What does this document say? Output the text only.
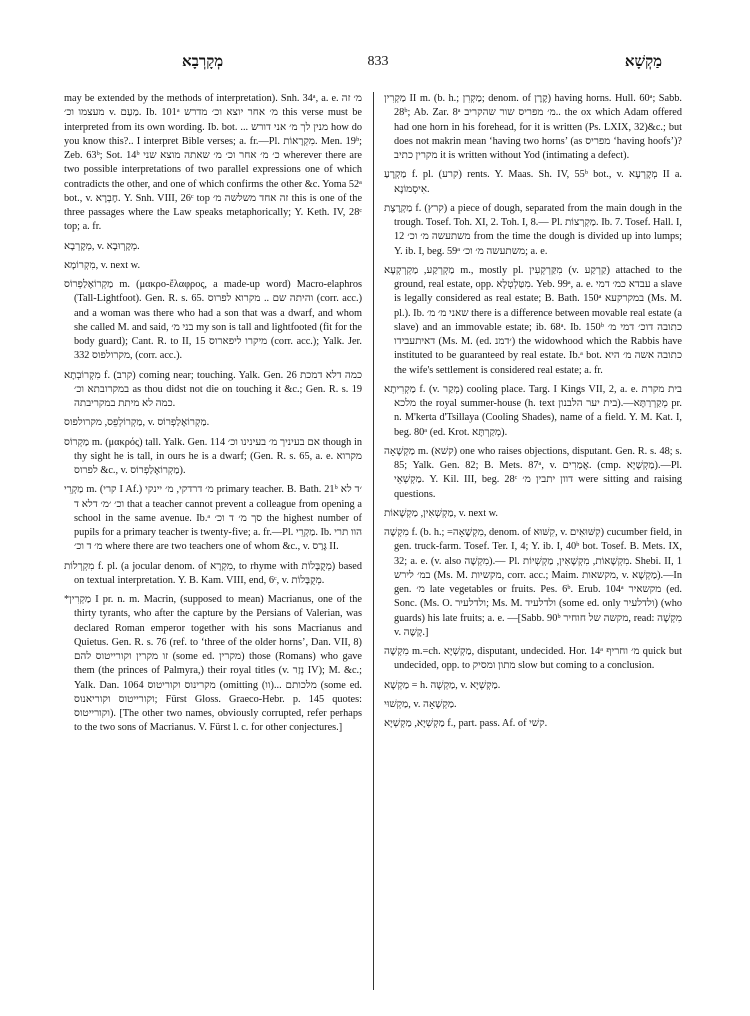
מְקָרְבָא	833	מַקְשָׁא

may be extended by the methods of interpretation). Snh. 34ᵃ, a. e. מ׳ זה מעצמו וכ׳ v. מַעַם. Ib. 101ᵃ מ׳ אחר יוצא וכ׳ מדרש this verse must be interpreted from its own wording. Ib. bot. ... מנין לך מ׳ אני דורש how do you know this?.. I interpret Bible verses; a. fr.—Pl. מִקְרָאוֹת. Men. 19ᵇ; Zeb. 63ᵇ; Sot. 14ᵇ כ׳ מ׳ אחר וכ׳ מ׳ שאתה מוצא שני wherever there are two possible interpretations of two parallel expressions one of which contradicts the other, and one of which confirms the other &c. Yoma 52ᵃ bot., v. חֶבְרָא. Y. Snh. VIII, 26ᶜ top זה אחד משלשה מ׳ this is one of the three passages where the Law speaks metaphorically; Y. Keth. IV, 28ᶜ top; a. fr.

מְקָרְבָא, v. מְקָרְוּבָא.

מִקְרוֹמָא, v. next w.

מַקְרוֹאֶלַפְרוֹס m. (μακρο-ἔλαφρος, a made-up word) Macro-elaphros (Tall-Lightfoot). Gen. R. s. 65. והיתה שם .. מקרוא לפרוס (corr. acc.) and a woman was there who had a son that was a dwarf, and whom she called M. and said, בני מ׳ my son is tall and lightfooted (fit for the body guard); Cant. R. to II, 15 מיקרו ליפארוס (corr. acc.); Yalk. Jer. 332 מקרולפוס, (corr. acc.).

מִקְרוֹבְתָא f. (קרב) coming near; touching. Yalk. Gen. 26 כמה דלא דמכת במקרובתא וכ׳ as thou didst not die on touching it &c.; Gen. R. s. 19 כמה לא מיתת במקריבתה.

מַקְרוֹלְפֵס, מקרולפוס, v. מַקְרוֹאֶלַפְרוֹס.

מַקְרוֹס m. (μακρός) tall. Yalk. Gen. 114 אם בעיניך מ׳ בעינינו וכ׳ though in thy sight he is tall, in ours he is a dwarf; (Gen. R. s. 65, a. e. מקרוא לפרוס &c., v. מַקְרוֹאֶלַפְרוֹס).

מַקְרֵי m. (קרי I Af.) מ׳ דרדקי, מ׳ יינקי primary teacher. B. Bath. 21ᵇ ׳ד לא וכ׳ ׳מ׳ דלא ד that a teacher cannot prevent a colleague from opening a school in the same avenue. Ib.ᵃ סך מ׳ ד וכ׳ the highest number of pupils for a primary teacher is twenty-five; a. fr.—Pl. מַקְרֵי. Ib. הוו תרי מ׳ ד וכ׳ where there are two teachers one of whom &c., v. גָּרַס II.

מִקְרְלוֹת f. pl. (a jocular denom. of מִקְרָא, to rhyme with מְקֻבָּלוֹת) based on textual interpretation. Y. B. Kam. VIII, end, 6ᶜ, v. מְקֻבָּלוֹת.

*מַקְרִין I pr. n. m. Macrin, (supposed to mean) Macrianus, one of the thirty tyrants, who after the capture by the Persians of Valerian, was declared Roman emperor together with his sons Macrianus and Quietus. Gen. R. s. 76 (ref. to ‘three of the older horns’, Dan. VII, 8) זו מקרין וקורייטוס להם (some ed. מקרין) those (Romans) who gave them (the princes of Palmyra,) their royal titles (v. נְזַר IV); M. &c.; Yalk. Dan. 1064 מקרינוס וקוריטוס (omitting מלכותם ...(וו) (some ed. וקורייטוס וקוריאנוס; Fürst Gloss. Graeco-Hebr. p. 145 quotes: וקורייטוס). [The other two names, obviously corrupted, refer perhaps to the two sons of Macrianus. V. Fürst l. c. for other conjectures.]

מַקְרִין II m. (b. h.; מַקְרִן; denom. of קֶרֶן) having horns. Hull. 60ᵃ; Sabb. 28ᵇ; Ab. Zar. 8ᵃ מ׳ מפריס שור שהקריב.. the ox which Adam offered had one horn in his forehead, for it is written (Ps. LXIX, 32)&c.; but does not makrin mean ‘having two horns’ (as מפריס ‘having hoofs’)? מקרין כתיב it is written without Yod (intimating a defect).

מַקְרָעַ f. pl. (קרע) rents. Y. Maas. Sh. IV, 55ᵇ bot., v. מְקָרְעָא II a. אִיסְמוֹנָא.

מַקְרֶצֶת f. (קרץ) a piece of dough, separated from the main dough in the trough. Tosef. Toh. XI, 2. Toh. I, 8.— Pl. מַקְרְצוֹת. Ib. 7. Tosef. Hall. I, 12 משתעשה מ׳ וכ׳ from the time the dough is divided up into lumps; Y. ib. I, beg. 59ᵃ משתעשה מ׳ וכ׳; a. e.

מַקְרְקַע, מַקְרְקְעָא m., mostly pl. מִקַּרְקְעִין (v. קַרְקַע) attached to the ground, real estate, opp. מִטַּלְטְלָא. Yeb. 99ᵃ, a. e. עבדא כמ׳ דמי a slave is legally considered as real estate; B. Bath. 150ᵃ במקרקעא (Ms. M. pl.). Ib. שאני מ׳ מ׳ there is a difference between movable real estate (a slave) and an immovable estate; ib. 68ᵃ. Ib. 150ᵇ כתובה דוכ׳ דמי מ׳ דאיתעבידו (Ms. M. (ed. ׳דמנ) the widowhood which the Rabbis have instituted to be guaranteed by real estate. Ib.ᵃ bot. כתובה אשה מ׳ היא the wife's settlement is considered real estate; a. fr.

מַקְרִיתָא f. (v. מְקַר) cooling place. Targ. I Kings VII, 2, a. e. בית מקרת מלכא the royal summer-house (h. text בית יער הלבנון).—מְקַרְרַתָּא pr. n. M'kerta d'Tsillaya (Cooling Shades), name of a field. Y. M. Kat. I, beg. 80ᵃ (ed. Krot. מְקַרְתָּא).

מַקְשָׁאָה m. (קשׁא) one who raises objections, disputant. Gen. R. s. 48; s. 85; Yalk. Gen. 82; B. Mets. 87ᵃ, v. אֲמַרִים. (cmp. מַקְשָׁיָא).—Pl. מַקְשְׁאֵי. Y. Kil. III, beg. 28ᶜ דוון יתבין מ׳ were sitting and raising questions.

מַקְשְׁאִין, מַקְשָׁאוֹת, v. next w.

מִקְשָׁה f. (b. h.; =מִקְשָׁאָה, denom. of קִשּׁוּא, v. קִשּׁוּאִים) cucumber field, in gen. truck-farm. Tosef. Ter. I, 4; Y. ib. I, 40ᵇ bot. Tosef. B. Mets. IX, 32; a. e. (v. also מִקְשָׁה).— Pl. מִקְשָׁאוֹת, מִקְשָׁאִין, מַקְשְׁיוֹת. Shebi. II, 1 במ׳ לירש (Ms. M. מקשיות, corr. acc.; Maim. מקשאות, v. מַקְשָׁא).—In gen. מ׳ late vegetables or fruits. Pes. 6ᵇ. Erub. 104ᵃ מקשאיר (ed. Sonc. (Ms. O. ולדלעיר; Ms. M. ולדלעיד (some ed. only ולדלעיר) (who guards) his late fruits; a. e. —[Sabb. 90ᵇ מקשה של חוחיר, read: מִקְשָׁה v. קָשֶׁה.]

מִקְשָׁה m.=ch. מַקְשְׁיָא, disputant, undecided. Hor. 14ᵃ מ׳ וחריף quick but undecided, opp. to מתון ומסיק slow but coming to a conclusion.

מַקְשָׁא = h. מַקְשָׁה, v. מַקְשְׁיָא.

מַקְשׁוּי, v. מַקְשָׁאָה.

מַקְשְׁיָא, מַקְשְׁיָא f., part. pass. Af. of קשׁי.
